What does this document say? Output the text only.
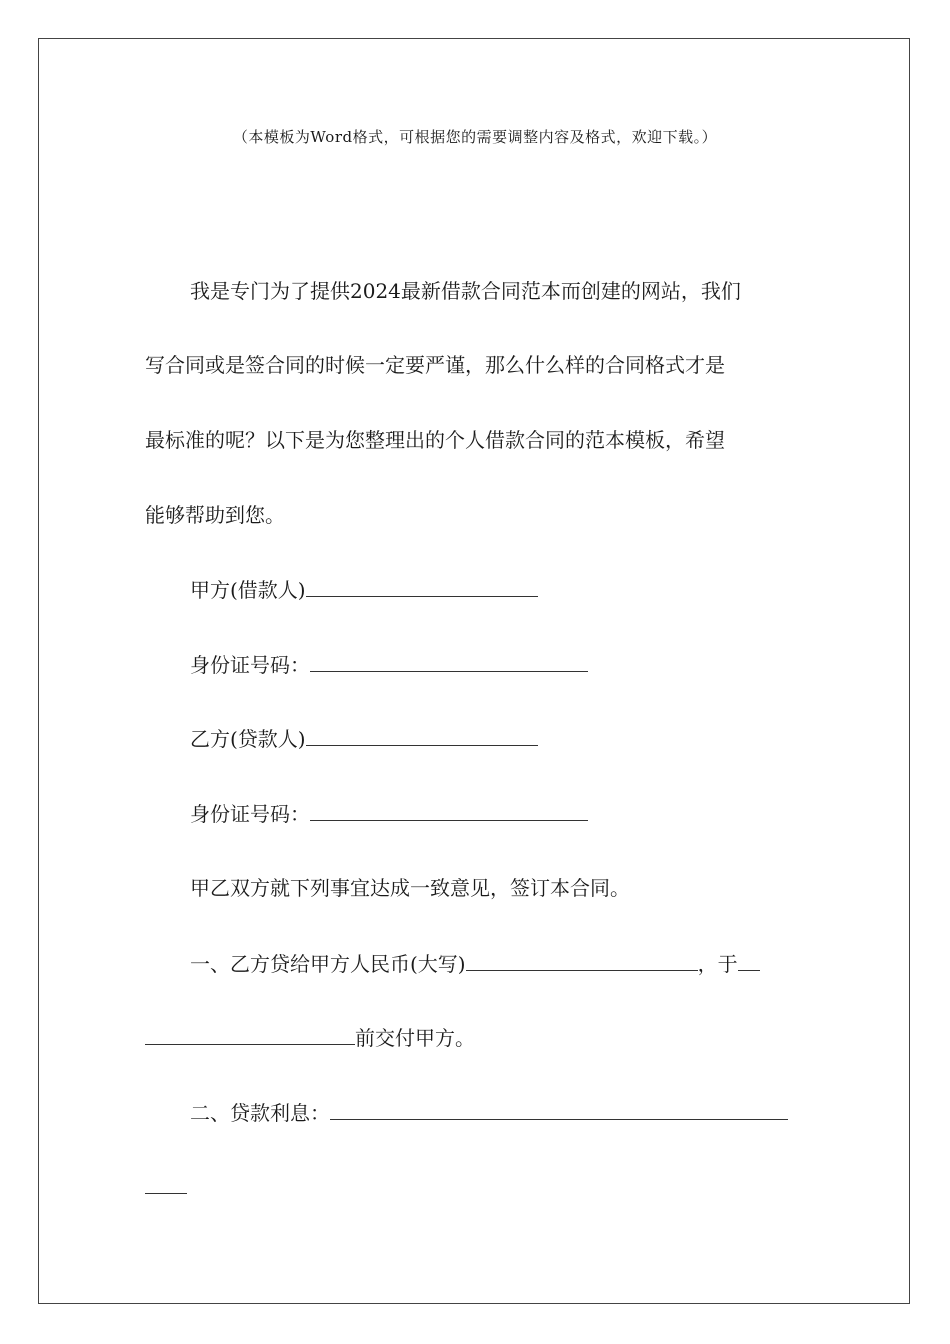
（本模板为Word格式，可根据您的需要调整内容及格式，欢迎下载。）
我是专门为了提供2024最新借款合同范本而创建的网站，我们
写合同或是签合同的时候一定要严谨，那么什么样的合同格式才是
最标准的呢？以下是为您整理出的个人借款合同的范本模板，希望
能够帮助到您。
甲方(借款人)
身份证号码：
乙方(贷款人)
身份证号码：
甲乙双方就下列事宜达成一致意见，签订本合同。
一、乙方贷给甲方人民币(大写)	，于
前交付甲方。
二、贷款利息：
